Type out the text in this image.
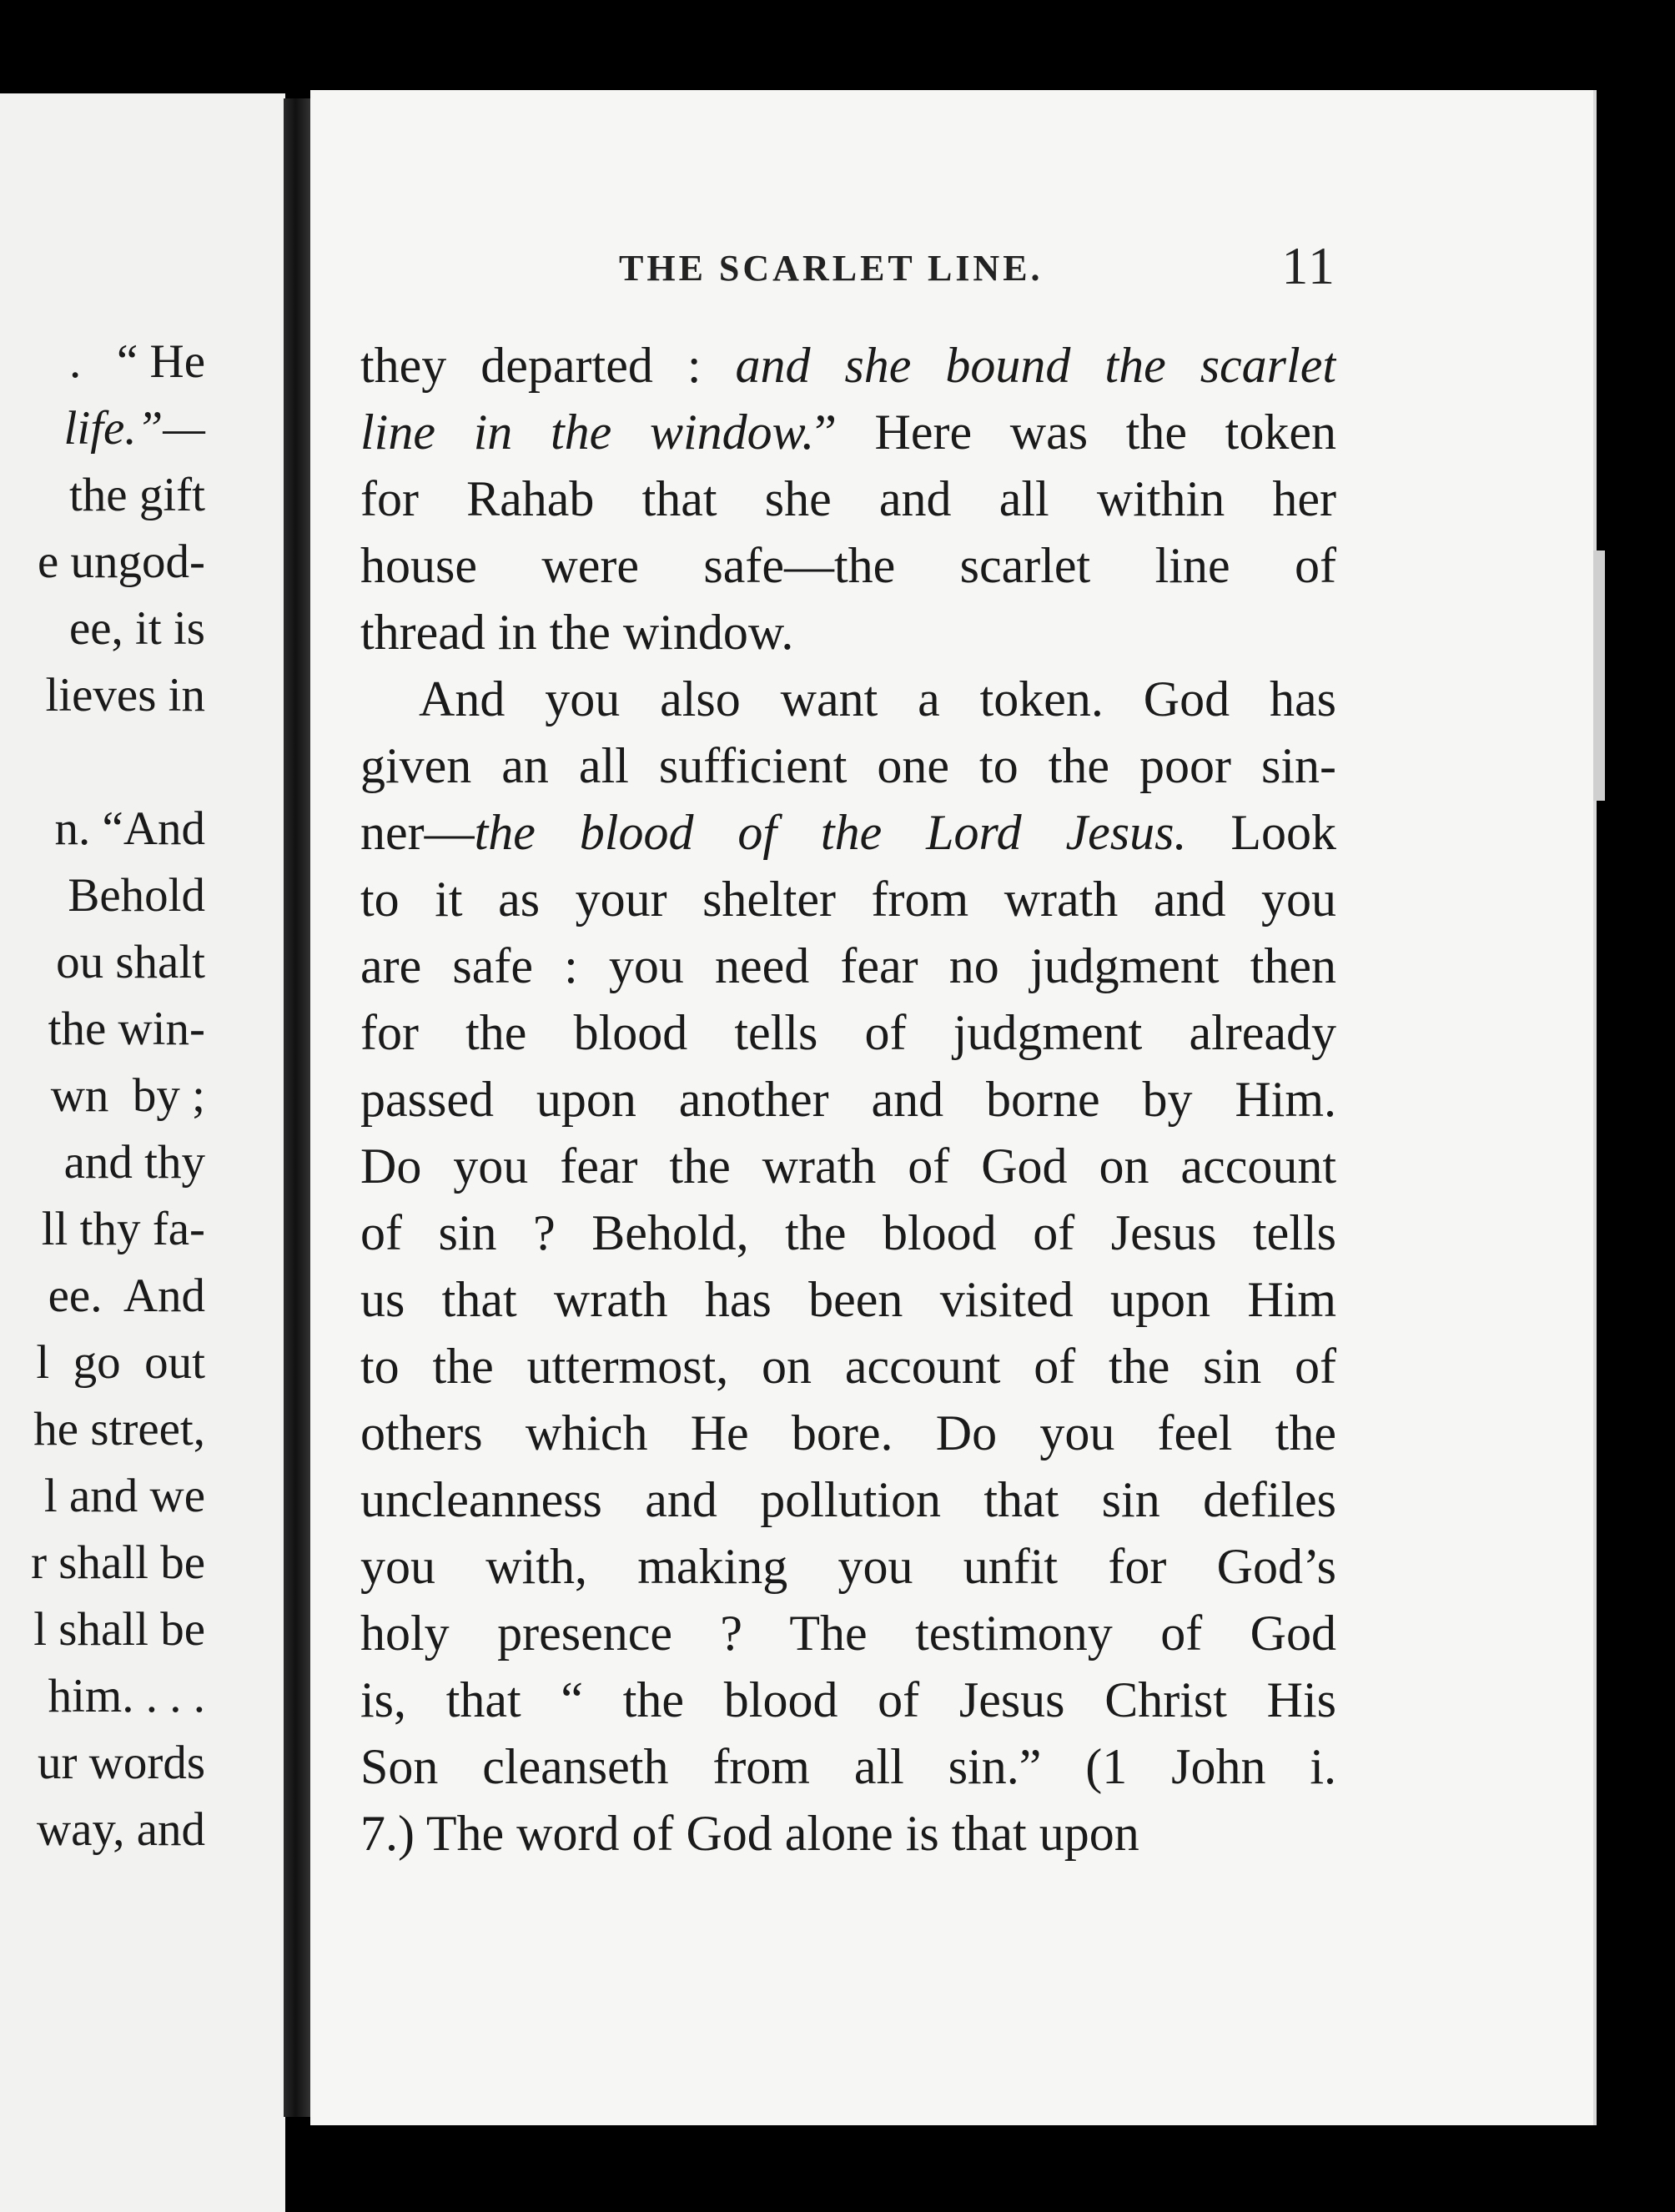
.   “ He
life.”—
the gift
e ungod-
ee, it is
lieves in
n. “And
Behold
ou shalt
the win-
wn  by ;
and thy
ll thy fa-
ee.  And
l  go  out
he street,
l and we
r shall be
l shall be
him. . . .
ur words
way, and
THE SCARLET LINE.	11
they departed : and she bound the scarlet
line in the window.” Here was the token
for Rahab that she and all within her
house were safe—the scarlet line of
thread in the window.
And you also want a token. God has
given an all sufficient one to the poor sin-
ner—the blood of the Lord Jesus. Look
to it as your shelter from wrath and you
are safe : you need fear no judgment then
for the blood tells of judgment already
passed upon another and borne by Him.
Do you fear the wrath of God on account
of sin ? Behold, the blood of Jesus tells
us that wrath has been visited upon Him
to the uttermost, on account of the sin of
others which He bore. Do you feel the
uncleanness and pollution that sin defiles
you with, making you unfit for God’s
holy presence ? The testimony of God
is, that “ the blood of Jesus Christ His
Son cleanseth from all sin.” (1 John i.
7.) The word of God alone is that upon
